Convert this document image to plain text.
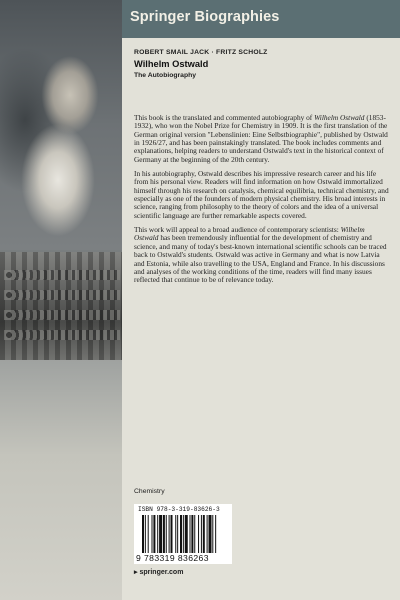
Springer Biographies

ROBERT SMAIL JACK · FRITZ SCHOLZ

Wilhelm Ostwald

The Autobiography

This book is the translated and commented autobiography of Wilhelm Ostwald (1853-1932), who won the Nobel Prize for Chemistry in 1909. It is the first translation of the German original version "Lebenslinien: Eine Selbstbiographie", published by Ostwald in 1926/27, and has been painstakingly translated. The book includes comments and explanations, helping readers to understand Ostwald's text in the historical context of Germany at the beginning of the 20th century.

In his autobiography, Ostwald describes his impressive research career and his life from his personal view. Readers will find information on how Ostwald immortalized himself through his research on catalysis, chemical equilibria, technical chemistry, and especially as one of the founders of modern physical chemistry. His broad interests in science, ranging from philosophy to the theory of colors and the idea of a universal scientific language are further remarkable aspects covered.

This work will appeal to a broad audience of contemporary scientists: Wilhelm Ostwald has been tremendously influential for the development of chemistry and science, and many of today's best-known international scientific schools can be traced back to Ostwald's students. Ostwald was active in Germany and what is now Latvia and Estonia, while also travelling to the USA, England and France. In his discussions and analyses of the working conditions of the time, readers will find many issues reflected that continue to be of relevance today.

Chemistry

ISBN 978-3-319-83626-3

9 783319 836263

▸ springer.com
